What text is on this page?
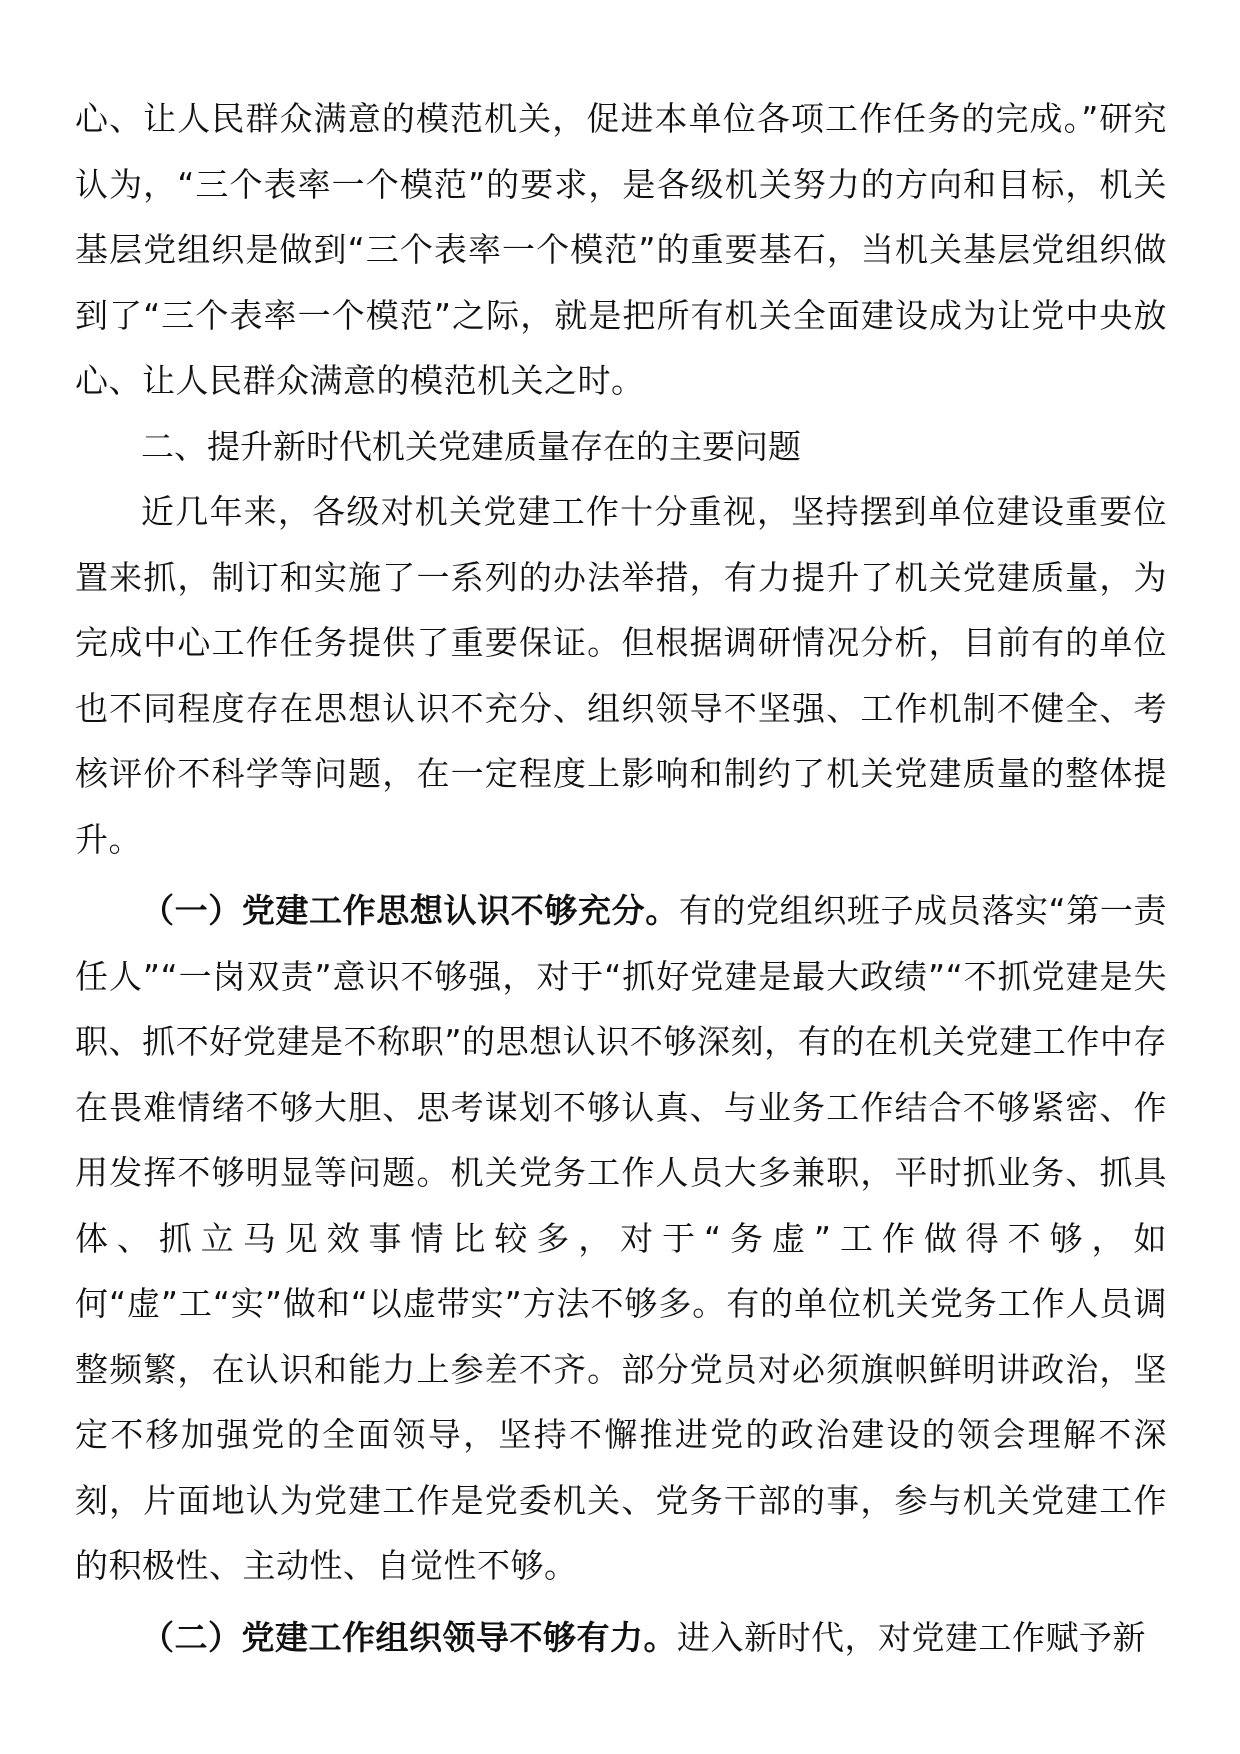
心、让人民群众满意的模范机关，促进本单位各项工作任务的完成。”研究认为，“三个表率一个模范”的要求，是各级机关努力的方向和目标，机关基层党组织是做到“三个表率一个模范”的重要基石，当机关基层党组织做到了“三个表率一个模范”之际，就是把所有机关全面建设成为让党中央放心、让人民群众满意的模范机关之时。

二、提升新时代机关党建质量存在的主要问题

近几年来，各级对机关党建工作十分重视，坚持摆到单位建设重要位置来抓，制订和实施了一系列的办法举措，有力提升了机关党建质量，为完成中心工作任务提供了重要保证。但根据调研情况分析，目前有的单位也不同程度存在思想认识不充分、组织领导不坚强、工作机制不健全、考核评价不科学等问题，在一定程度上影响和制约了机关党建质量的整体提升。

（一）党建工作思想认识不够充分。有的党组织班子成员落实“第一责任人”“一岗双责”意识不够强，对于“抓好党建是最大政绩”“不抓党建是失职、抓不好党建是不称职”的思想认识不够深刻，有的在机关党建工作中存在畏难情绪不够大胆、思考谋划不够认真、与业务工作结合不够紧密、作用发挥不够明显等问题。机关党务工作人员大多兼职，平时抓业务、抓具体、抓立马见效事情比较多，对于“务虚”工作做得不够，如何“虚”工“实”做和“以虚带实”方法不够多。有的单位机关党务工作人员调整频繁，在认识和能力上参差不齐。部分党员对必须旗帜鲜明讲政治，坚定不移加强党的全面领导，坚持不懈推进党的政治建设的领会理解不深刻，片面地认为党建工作是党委机关、党务干部的事，参与机关党建工作的积极性、主动性、自觉性不够。

（二）党建工作组织领导不够有力。进入新时代，对党建工作赋予新
